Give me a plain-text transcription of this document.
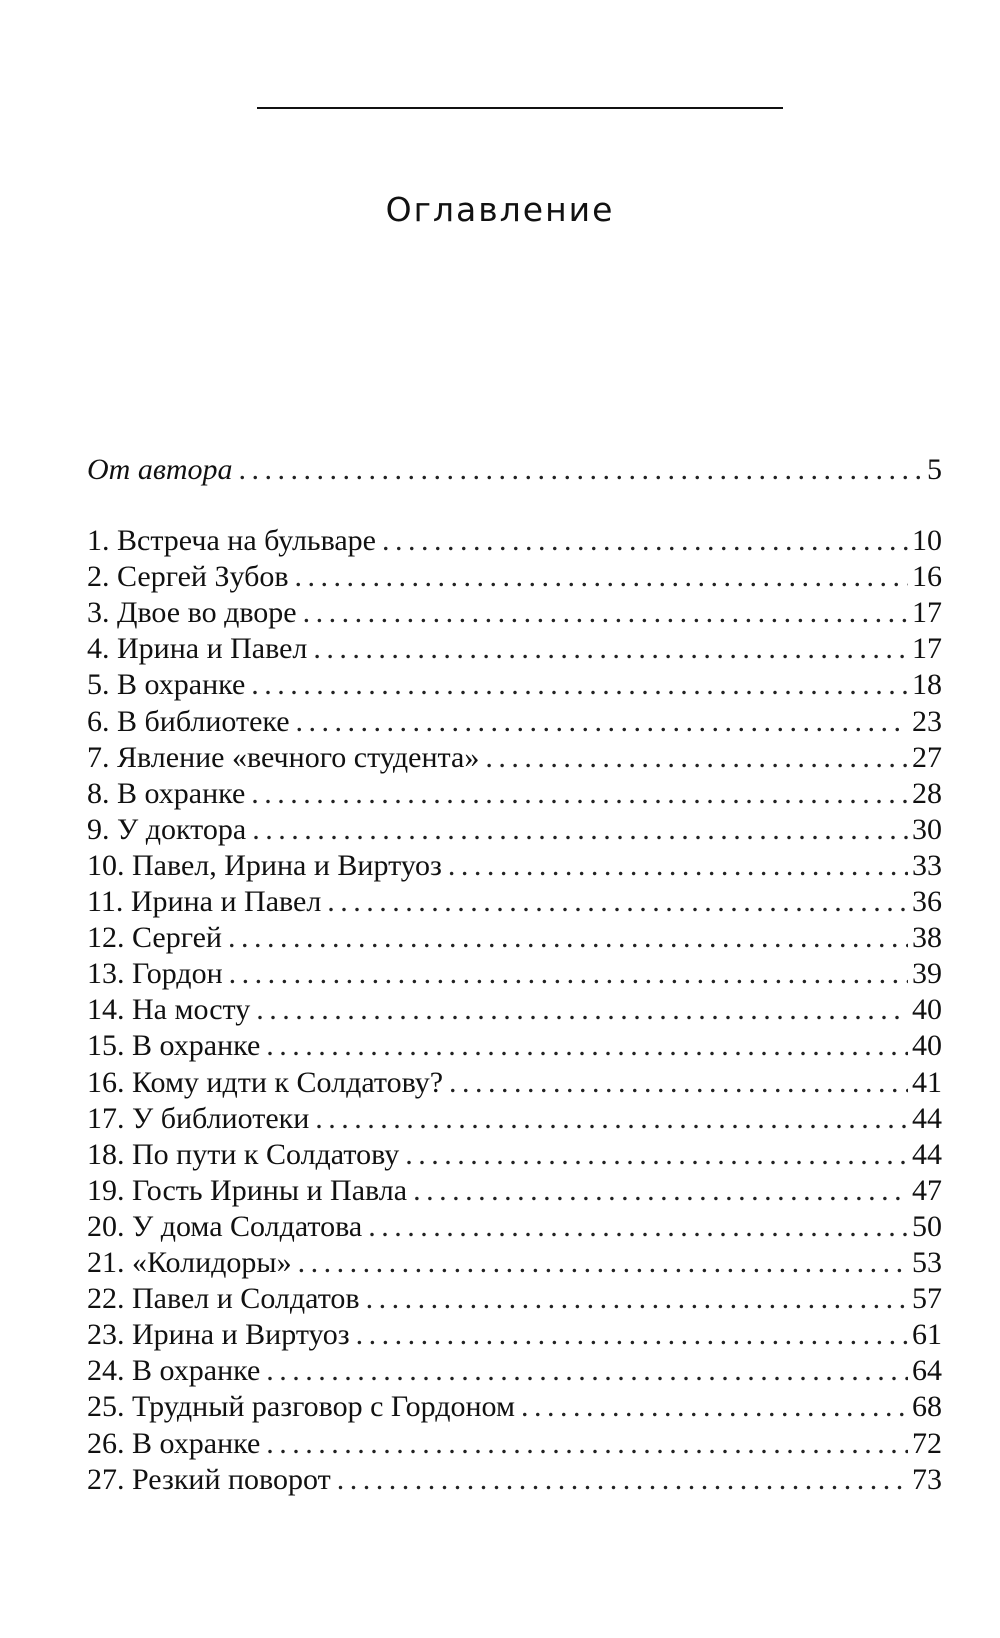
Оглавление
От автора . . .	5
1. Встреча на бульваре . . .	10
2. Сергей Зубов . . .	16
3. Двое во дворе . . .	17
4. Ирина и Павел . . .	17
5. В охранке . . .	18
6. В библиотеке . . .	23
7. Явление «вечного студента» . . .	27
8. В охранке . . .	28
9. У доктора . . .	30
10. Павел, Ирина и Виртуоз . . .	33
11. Ирина и Павел . . .	36
12. Сергей . . .	38
13. Гордон . . .	39
14. На мосту . . .	40
15. В охранке . . .	40
16. Кому идти к Солдатову? . . .	41
17. У библиотеки . . .	44
18. По пути к Солдатову . . .	44
19. Гость Ирины и Павла . . .	47
20. У дома Солдатова . . .	50
21. «Колидоры» . . .	53
22. Павел и Солдатов . . .	57
23. Ирина и Виртуоз . . .	61
24. В охранке . . .	64
25. Трудный разговор с Гордоном . . .	68
26. В охранке . . .	72
27. Резкий поворот . . .	73
